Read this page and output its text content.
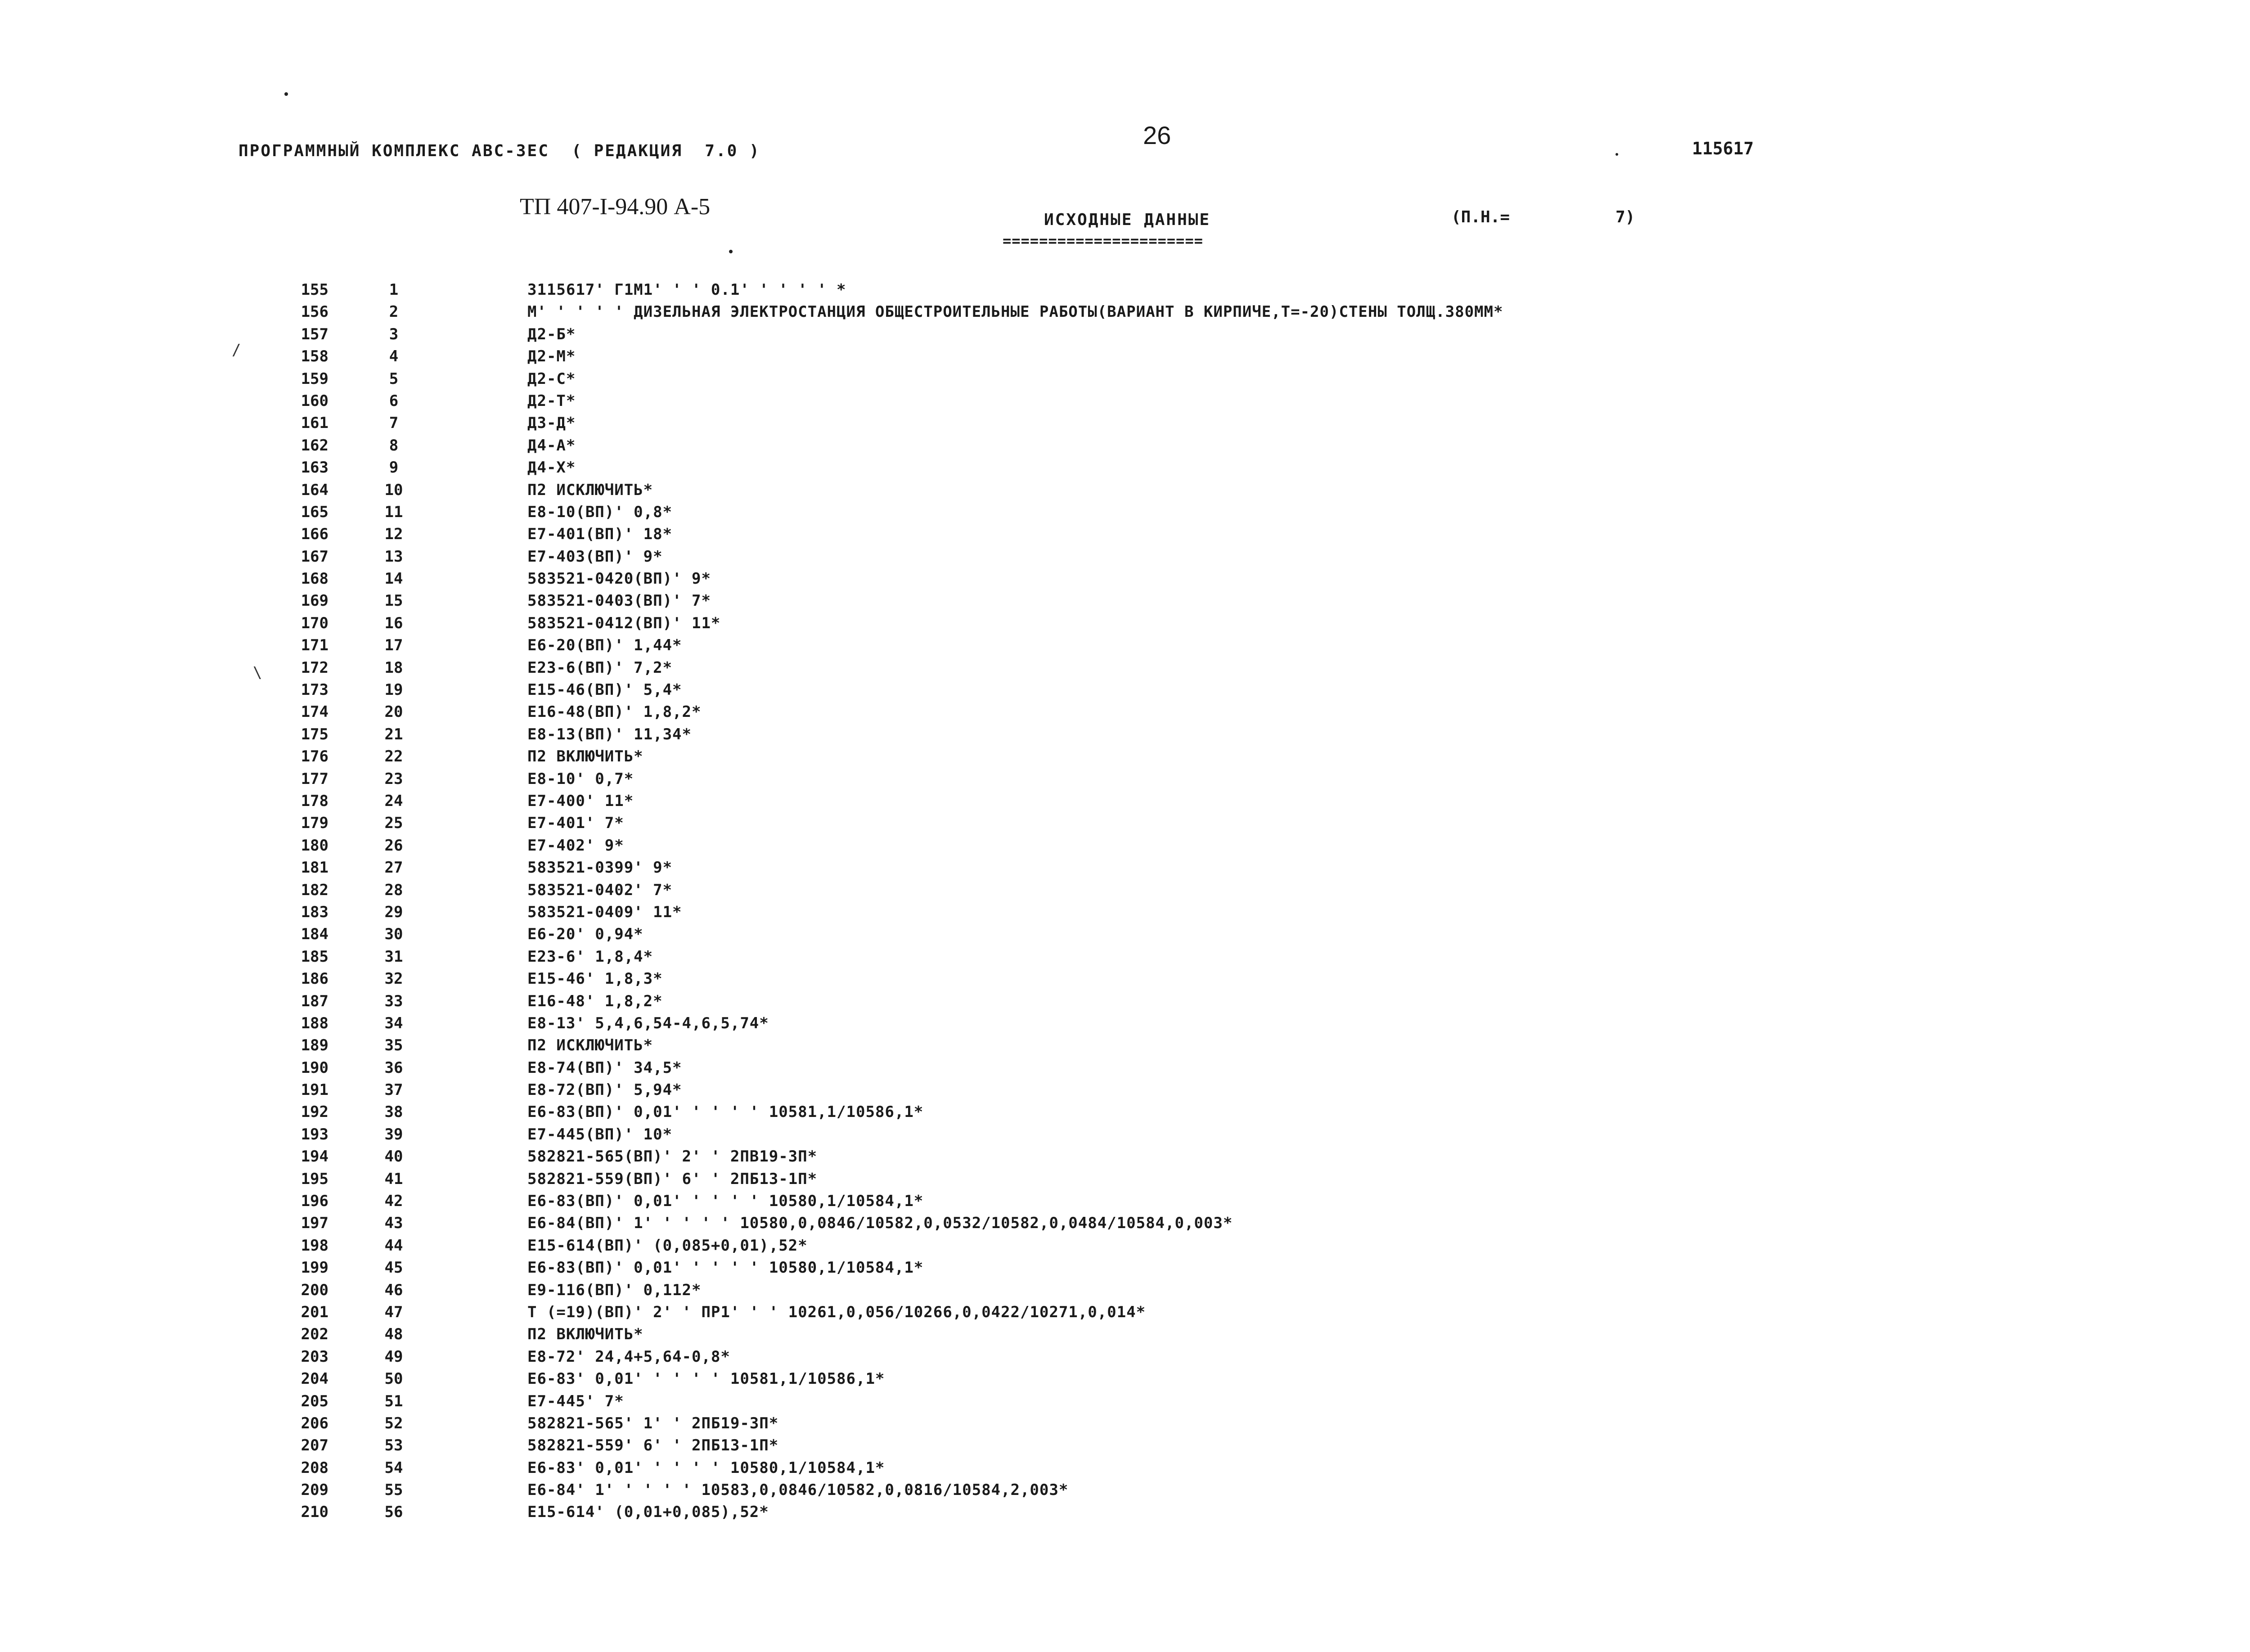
ПРОГРАММНЫЙ КОМПЛЕКС АВС-ЗЕС  ( РЕДАКЦИЯ  7.0 )
26	115617
ТП 407-I-94.90 А-5
ИСХОДНЫЕ ДАННЫЕ
======================
(П.Н.=	7)
/
\
155	1	3115617' Г1М1' ' ' 0.1' ' ' ' ' *
156	2	М' ' ' ' ' ДИЗЕЛЬНАЯ ЭЛЕКТРОСТАНЦИЯ ОБЩЕСТРОИТЕЛЬНЫЕ РАБОТЫ(ВАРИАНТ В КИРПИЧЕ,Т=-20)СТЕНЫ ТОЛЩ.380ММ*
157	3	Д2-Б*
158	4	Д2-М*
159	5	Д2-С*
160	6	Д2-Т*
161	7	Д3-Д*
162	8	Д4-А*
163	9	Д4-Х*
164	10	П2 ИСКЛЮЧИТЬ*
165	11	Е8-10(ВП)' 0,8*
166	12	Е7-401(ВП)' 18*
167	13	Е7-403(ВП)' 9*
168	14	583521-0420(ВП)' 9*
169	15	583521-0403(ВП)' 7*
170	16	583521-0412(ВП)' 11*
171	17	Е6-20(ВП)' 1,44*
172	18	Е23-6(ВП)' 7,2*
173	19	Е15-46(ВП)' 5,4*
174	20	Е16-48(ВП)' 1,8,2*
175	21	Е8-13(ВП)' 11,34*
176	22	П2 ВКЛЮЧИТЬ*
177	23	Е8-10' 0,7*
178	24	Е7-400' 11*
179	25	Е7-401' 7*
180	26	Е7-402' 9*
181	27	583521-0399' 9*
182	28	583521-0402' 7*
183	29	583521-0409' 11*
184	30	Е6-20' 0,94*
185	31	Е23-6' 1,8,4*
186	32	Е15-46' 1,8,3*
187	33	Е16-48' 1,8,2*
188	34	Е8-13' 5,4,6,54-4,6,5,74*
189	35	П2 ИСКЛЮЧИТЬ*
190	36	Е8-74(ВП)' 34,5*
191	37	Е8-72(ВП)' 5,94*
192	38	Е6-83(ВП)' 0,01' ' ' ' ' 10581,1/10586,1*
193	39	Е7-445(ВП)' 10*
194	40	582821-565(ВП)' 2' ' 2ПВ19-3П*
195	41	582821-559(ВП)' 6' ' 2ПБ13-1П*
196	42	Е6-83(ВП)' 0,01' ' ' ' ' 10580,1/10584,1*
197	43	Е6-84(ВП)' 1' ' ' ' ' 10580,0,0846/10582,0,0532/10582,0,0484/10584,0,003*
198	44	Е15-614(ВП)' (0,085+0,01),52*
199	45	Е6-83(ВП)' 0,01' ' ' ' ' 10580,1/10584,1*
200	46	Е9-116(ВП)' 0,112*
201	47	Т (=19)(ВП)' 2' ' ПР1' ' ' 10261,0,056/10266,0,0422/10271,0,014*
202	48	П2 ВКЛЮЧИТЬ*
203	49	Е8-72' 24,4+5,64-0,8*
204	50	Е6-83' 0,01' ' ' ' ' 10581,1/10586,1*
205	51	Е7-445' 7*
206	52	582821-565' 1' ' 2ПБ19-3П*
207	53	582821-559' 6' ' 2ПБ13-1П*
208	54	Е6-83' 0,01' ' ' ' ' 10580,1/10584,1*
209	55	Е6-84' 1' ' ' ' ' 10583,0,0846/10582,0,0816/10584,2,003*
210	56	Е15-614' (0,01+0,085),52*
